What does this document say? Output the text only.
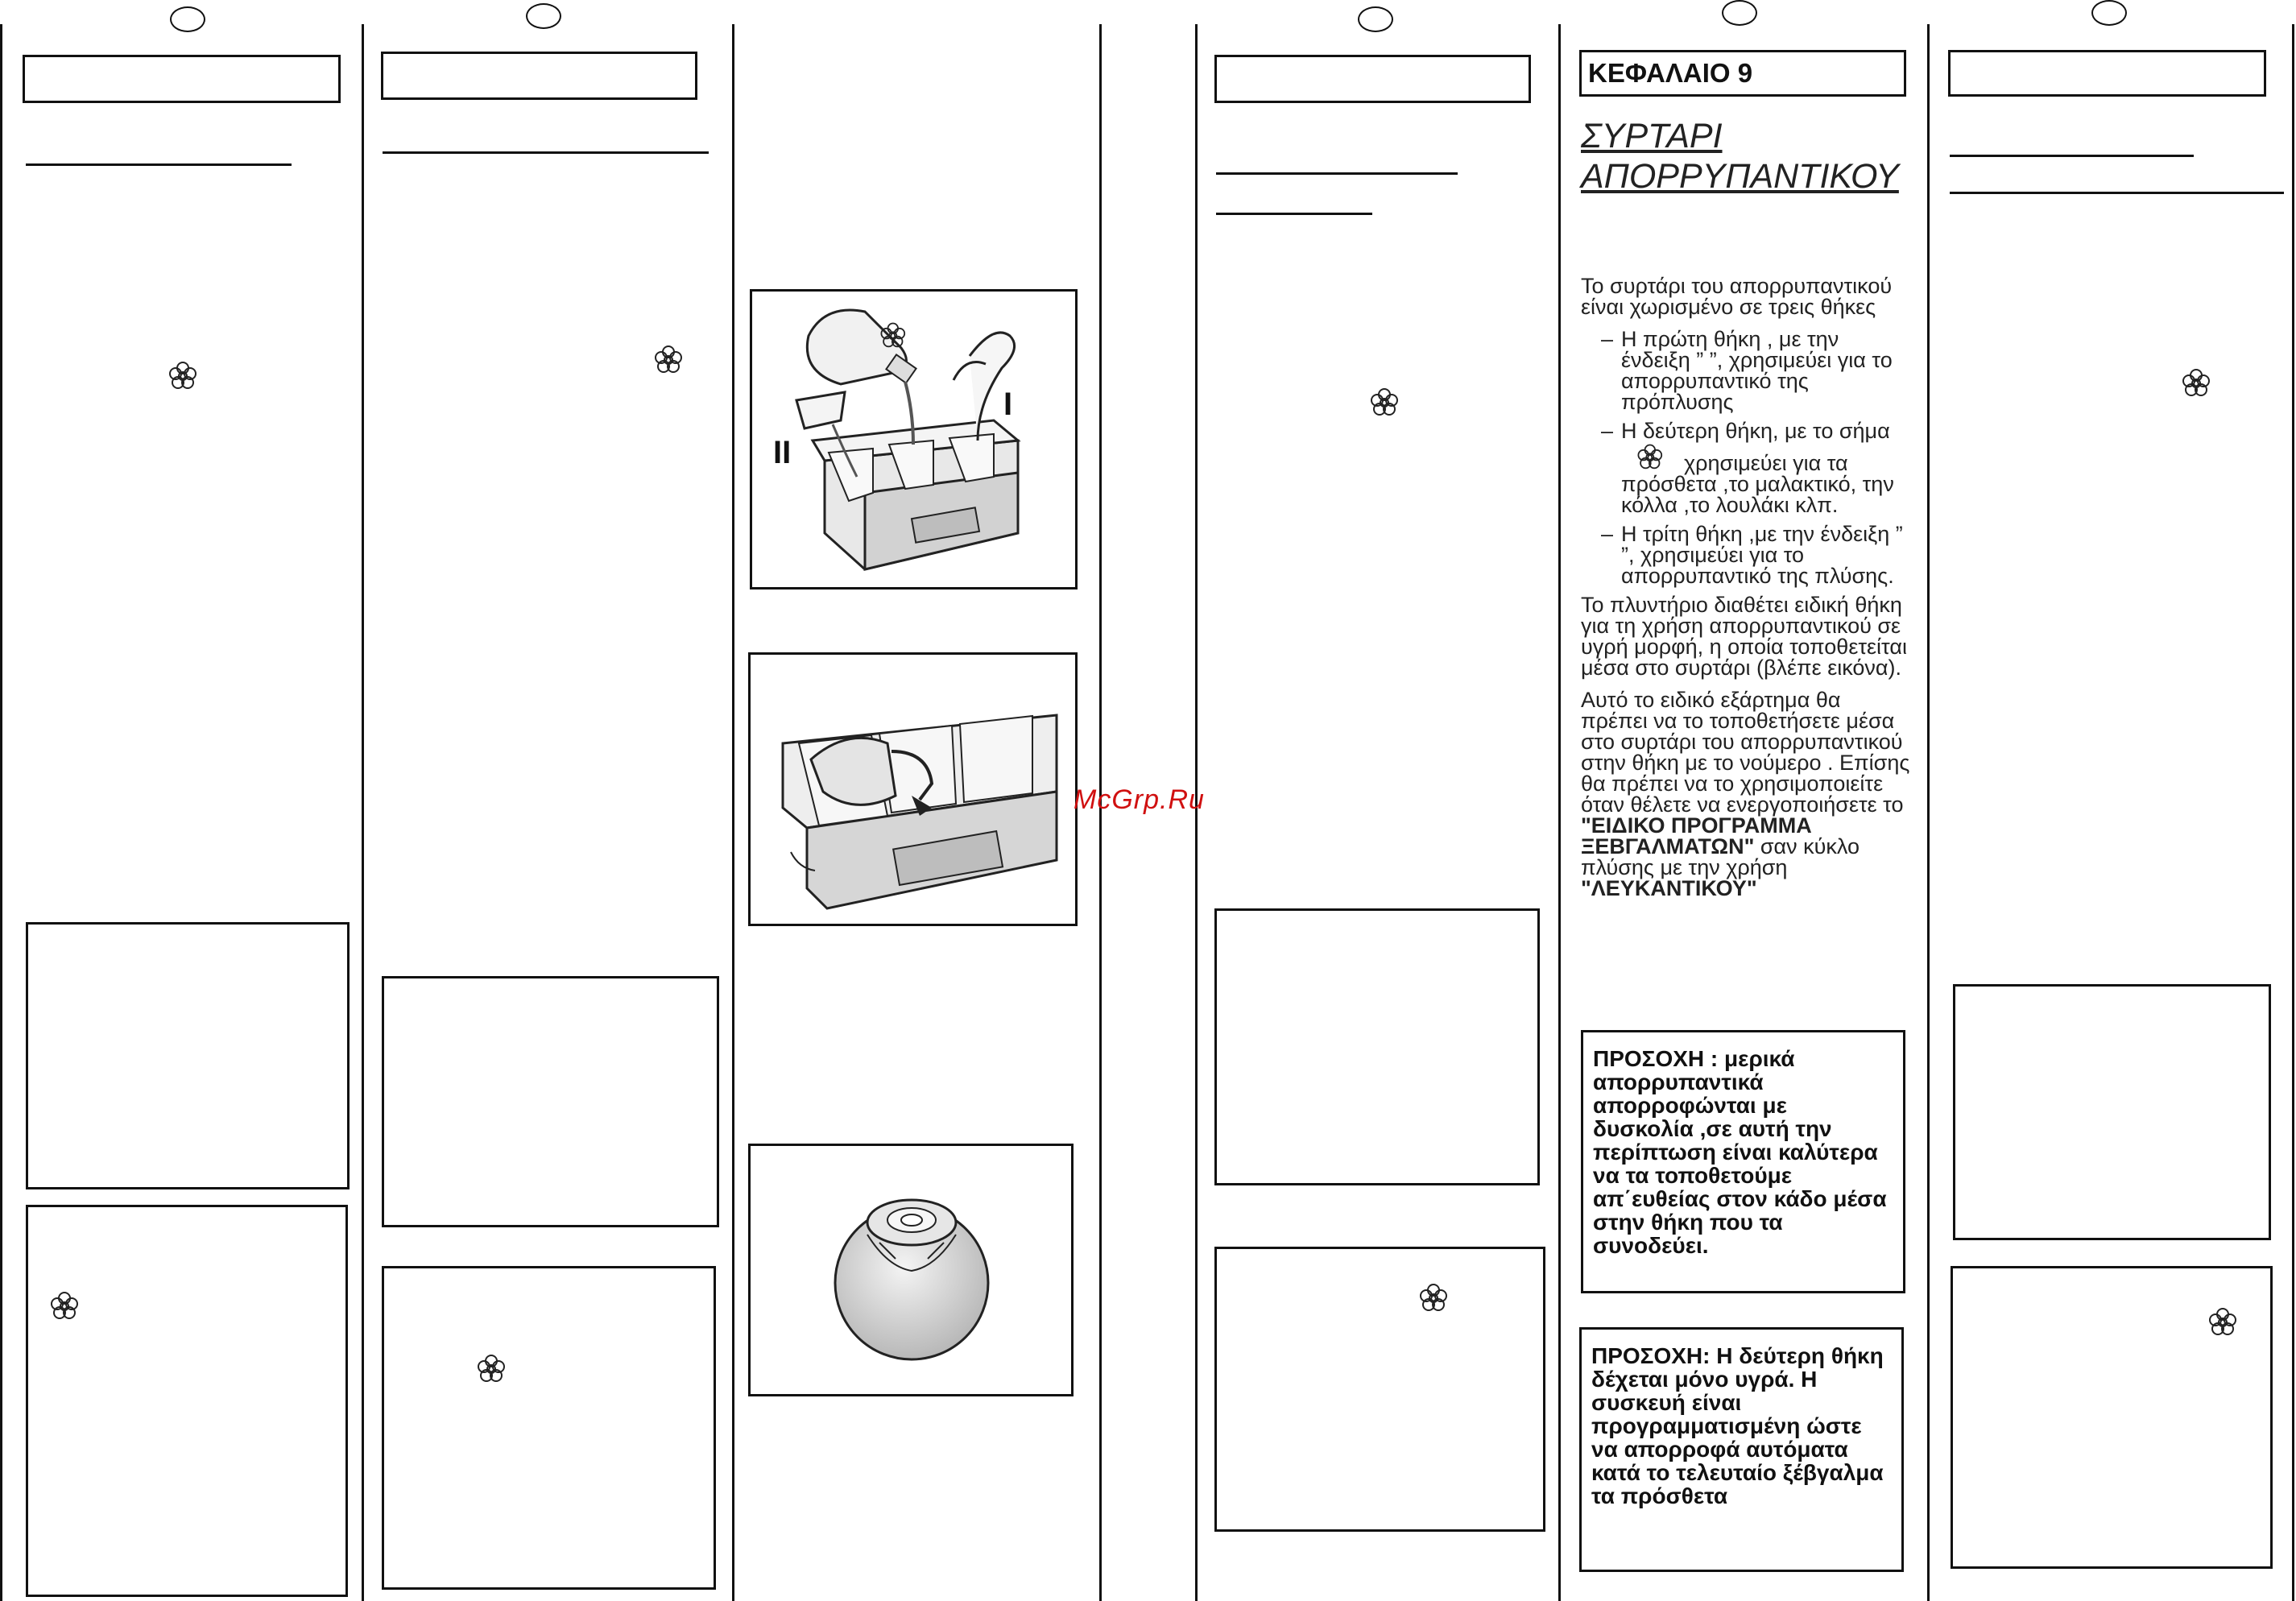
II
I
McGrp.Ru
ΚΕΦΑΛΑΙΟ 9
ΣΥΡΤΑΡΙ
ΑΠΟΡΡΥΠΑΝΤΙΚΟΥ

Το συρτάρι του απορρυπαντικού είναι χωρισμένο σε τρεις θήκες

– Η πρώτη θήκη , με την ένδειξη ” ”, χρησιμεύει για το απορρυπαντικό της πρόπλυσης
– Η δεύτερη θήκη, με το σήμα
χρησιμεύει για τα πρόσθετα ,το μαλακτικό, την κόλλα ,το λουλάκι κλπ.
– Η τρίτη θήκη ,με την ένδειξη ” ”, χρησιμεύει για το απορρυπαντικό της πλύσης.

Το πλυντήριο διαθέτει ειδική θήκη για τη χρήση απορρυπαντικού σε υγρή μορφή, η οποία τοποθετείται μέσα στο συρτάρι (βλέπε εικόνα).

Αυτό το ειδικό εξάρτημα θα πρέπει να το τοποθετήσετε μέσα στο συρτάρι του απορρυπαντικού στην θήκη με το νούμερο . Επίσης θα πρέπει να το χρησιμοποιείτε όταν θέλετε να ενεργοποιήσετε το "ΕΙΔΙΚΟ ΠΡΟΓΡΑΜΜΑ ΞΕΒΓΑΛΜΑΤΩΝ" σαν κύκλο πλύσης με την χρήση "ΛΕΥΚΑΝΤΙΚΟΥ"

ΠΡΟΣΟΧΗ : μερικά απορρυπαντικά απορροφώνται με δυσκολία ,σε αυτή την περίπτωση είναι καλύτερα να τα τοποθετούμε απ΄ευθείας στον κάδο μέσα στην θήκη που τα συνοδεύει.
ΠΡΟΣΟΧΗ: Η δεύτερη θήκη δέχεται μόνο υγρά. Η συσκευή είναι προγραμματισμένη ώστε να απορροφά αυτόματα κατά το τελευταίο ξέβγαλμα τα πρόσθετα
